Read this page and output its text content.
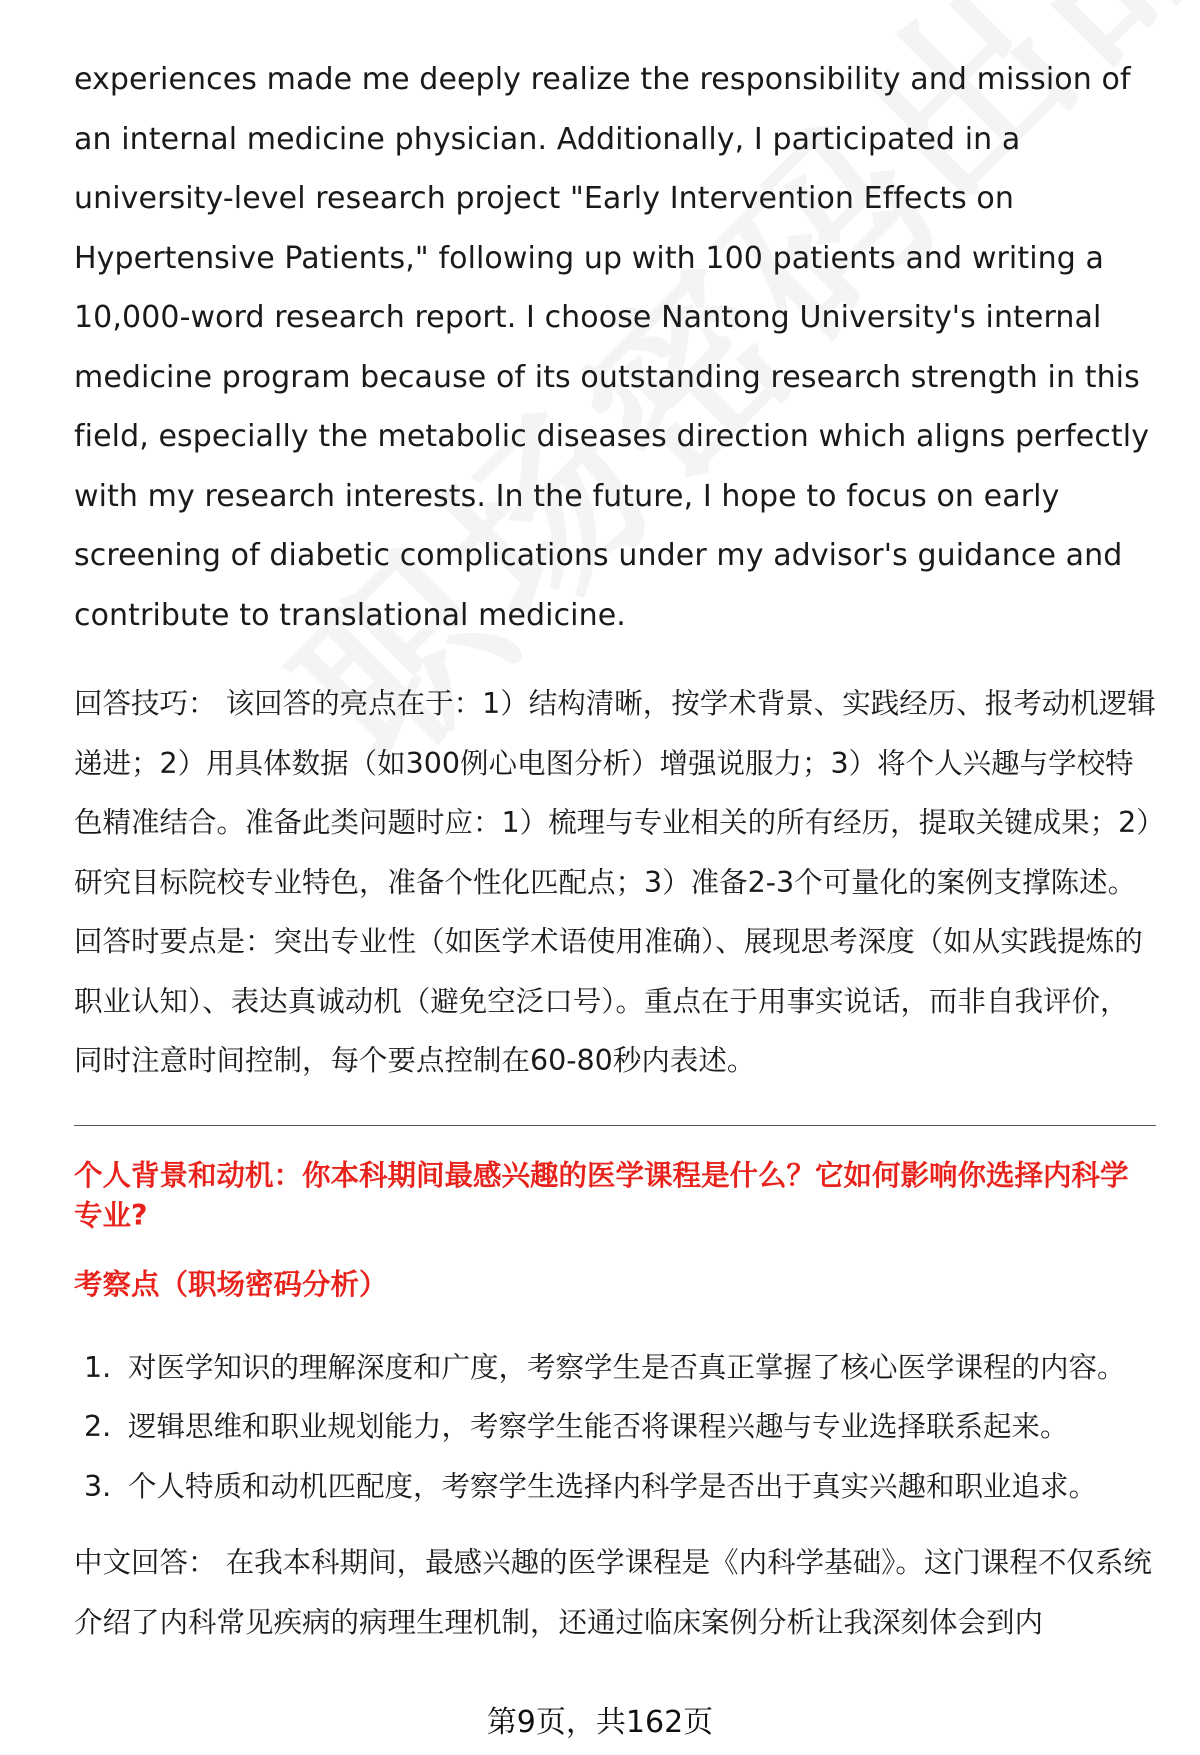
experiences made me deeply realize the responsibility and mission of an internal medicine physician. Additionally, I participated in a university-level research project "Early Intervention Effects on Hypertensive Patients," following up with 100 patients and writing a 10,000-word research report. I choose Nantong University's internal medicine program because of its outstanding research strength in this field, especially the metabolic diseases direction which aligns perfectly with my research interests. In the future, I hope to focus on early screening of diabetic complications under my advisor's guidance and contribute to translational medicine.

回答技巧： 该回答的亮点在于：1）结构清晰，按学术背景、实践经历、报考动机逻辑递进；2）用具体数据（如300例心电图分析）增强说服力；3）将个人兴趣与学校特色精准结合。准备此类问题时应：1）梳理与专业相关的所有经历，提取关键成果；2）研究目标院校专业特色，准备个性化匹配点；3）准备2-3个可量化的案例支撑陈述。回答时要点是：突出专业性（如医学术语使用准确）、展现思考深度（如从实践提炼的职业认知）、表达真诚动机（避免空泛口号）。重点在于用事实说话，而非自我评价，同时注意时间控制，每个要点控制在60-80秒内表述。

个人背景和动机：你本科期间最感兴趣的医学课程是什么？它如何影响你选择内科学专业?
考察点（职场密码分析）
1. 对医学知识的理解深度和广度，考察学生是否真正掌握了核心医学课程的内容。
2. 逻辑思维和职业规划能力，考察学生能否将课程兴趣与专业选择联系起来。
3. 个人特质和动机匹配度，考察学生选择内科学是否出于真实兴趣和职业追求。

中文回答： 在我本科期间，最感兴趣的医学课程是《内科学基础》。这门课程不仅系统介绍了内科常见疾病的病理生理机制，还通过临床案例分析让我深刻体会到内

第9页，共162页
